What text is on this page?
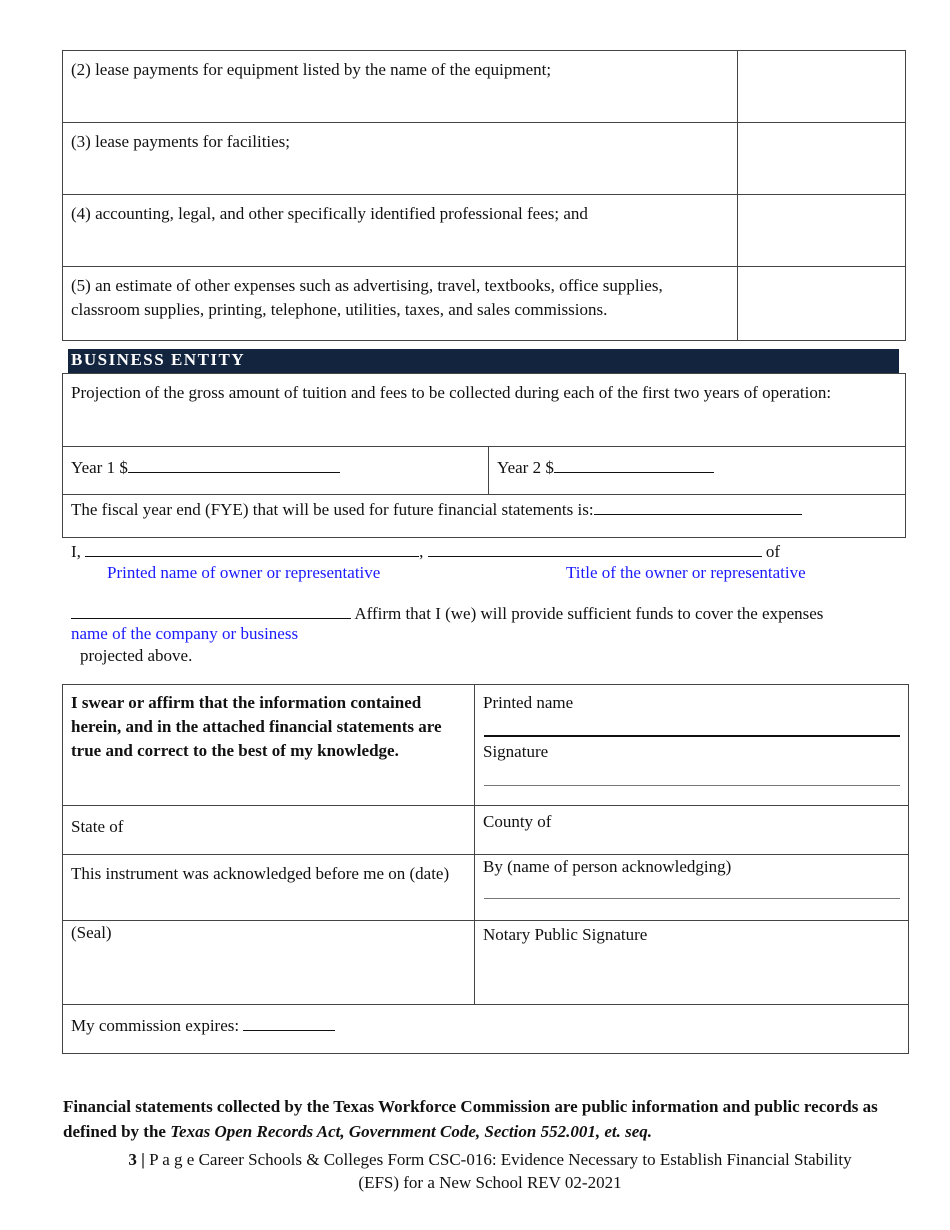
(2) lease payments for equipment listed by the name of the equipment;
(3) lease payments for facilities;
(4) accounting, legal, and other specifically identified professional fees; and
(5) an estimate of other expenses such as advertising, travel, textbooks, office supplies, classroom supplies, printing, telephone, utilities, taxes, and sales commissions.
BUSINESS ENTITY
Projection of the gross amount of tuition and fees to be collected during each of the first two years of operation:
Year 1 $	Year 2 $
The fiscal year end (FYE) that will be used for future financial statements is:
I,	,	of
Printed name of owner or representative	Title of the owner or representative
Affirm that I (we) will provide sufficient funds to cover the expenses
name of the company or business
projected above.
I swear or affirm that the information contained herein, and in the attached financial statements are true and correct to the best of my knowledge.
Printed name
Signature
State of	County of
This instrument was acknowledged before me on (date)	By (name of person acknowledging)
(Seal)	Notary Public Signature
My commission expires:
Financial statements collected by the Texas Workforce Commission are public information and public records as defined by the Texas Open Records Act, Government Code, Section 552.001, et. seq.
3 | P a g e Career Schools & Colleges Form CSC-016: Evidence Necessary to Establish Financial Stability
(EFS) for a New School REV 02-2021
